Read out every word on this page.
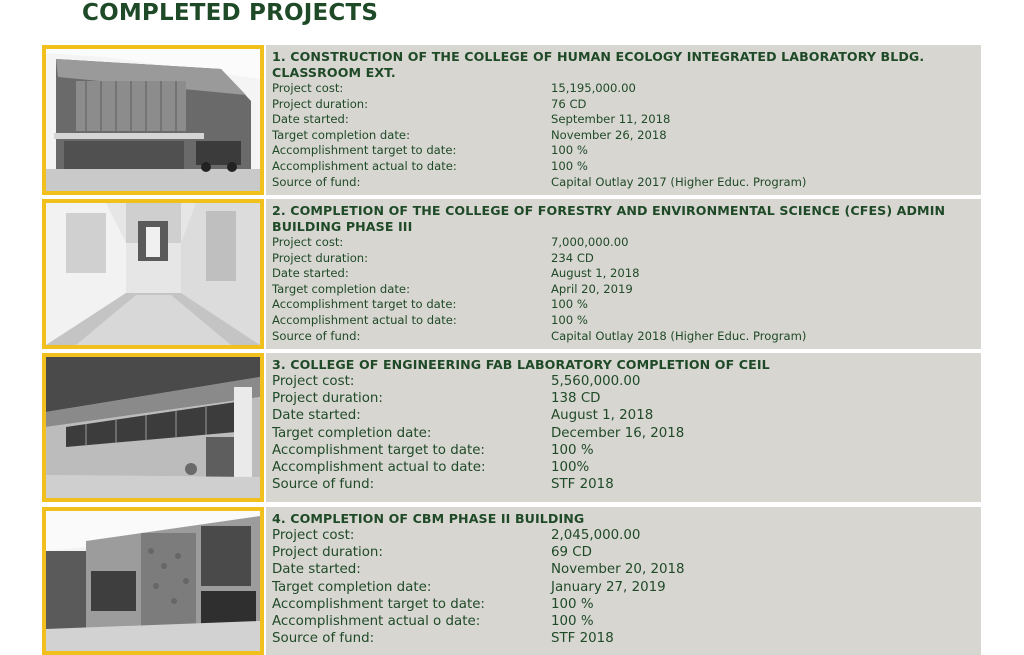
COMPLETED PROJECTS
1. CONSTRUCTION OF THE COLLEGE OF HUMAN ECOLOGY INTEGRATED LABORATORY BLDG. CLASSROOM EXT.
Project cost:	15,195,000.00
Project duration:	76 CD
Date started:	September 11, 2018
Target completion date:	November 26, 2018
Accomplishment target to date:	100 %
Accomplishment actual to date:	100 %
Source of fund:	Capital Outlay 2017 (Higher Educ. Program)
2. COMPLETION OF THE COLLEGE OF FORESTRY AND ENVIRONMENTAL SCIENCE (CFES) ADMIN BUILDING PHASE III
Project cost:	7,000,000.00
Project duration:	234 CD
Date started:	August 1, 2018
Target completion date:	April 20, 2019
Accomplishment target to date:	100 %
Accomplishment actual to date:	100 %
Source of fund:	Capital Outlay 2018 (Higher Educ. Program)
3. COLLEGE OF ENGINEERING FAB LABORATORY COMPLETION OF CEIL
Project cost:	5,560,000.00
Project duration:	138 CD
Date started:	August 1, 2018
Target completion date:	December 16, 2018
Accomplishment target to date:	100 %
Accomplishment actual to date:	100%
Source of fund:	STF 2018
4. COMPLETION OF CBM PHASE II BUILDING
Project cost:	2,045,000.00
Project duration:	69 CD
Date started:	November 20, 2018
Target completion date:	January 27, 2019
Accomplishment target to date:	100 %
Accomplishment actual o date:	100 %
Source of fund:	STF 2018
